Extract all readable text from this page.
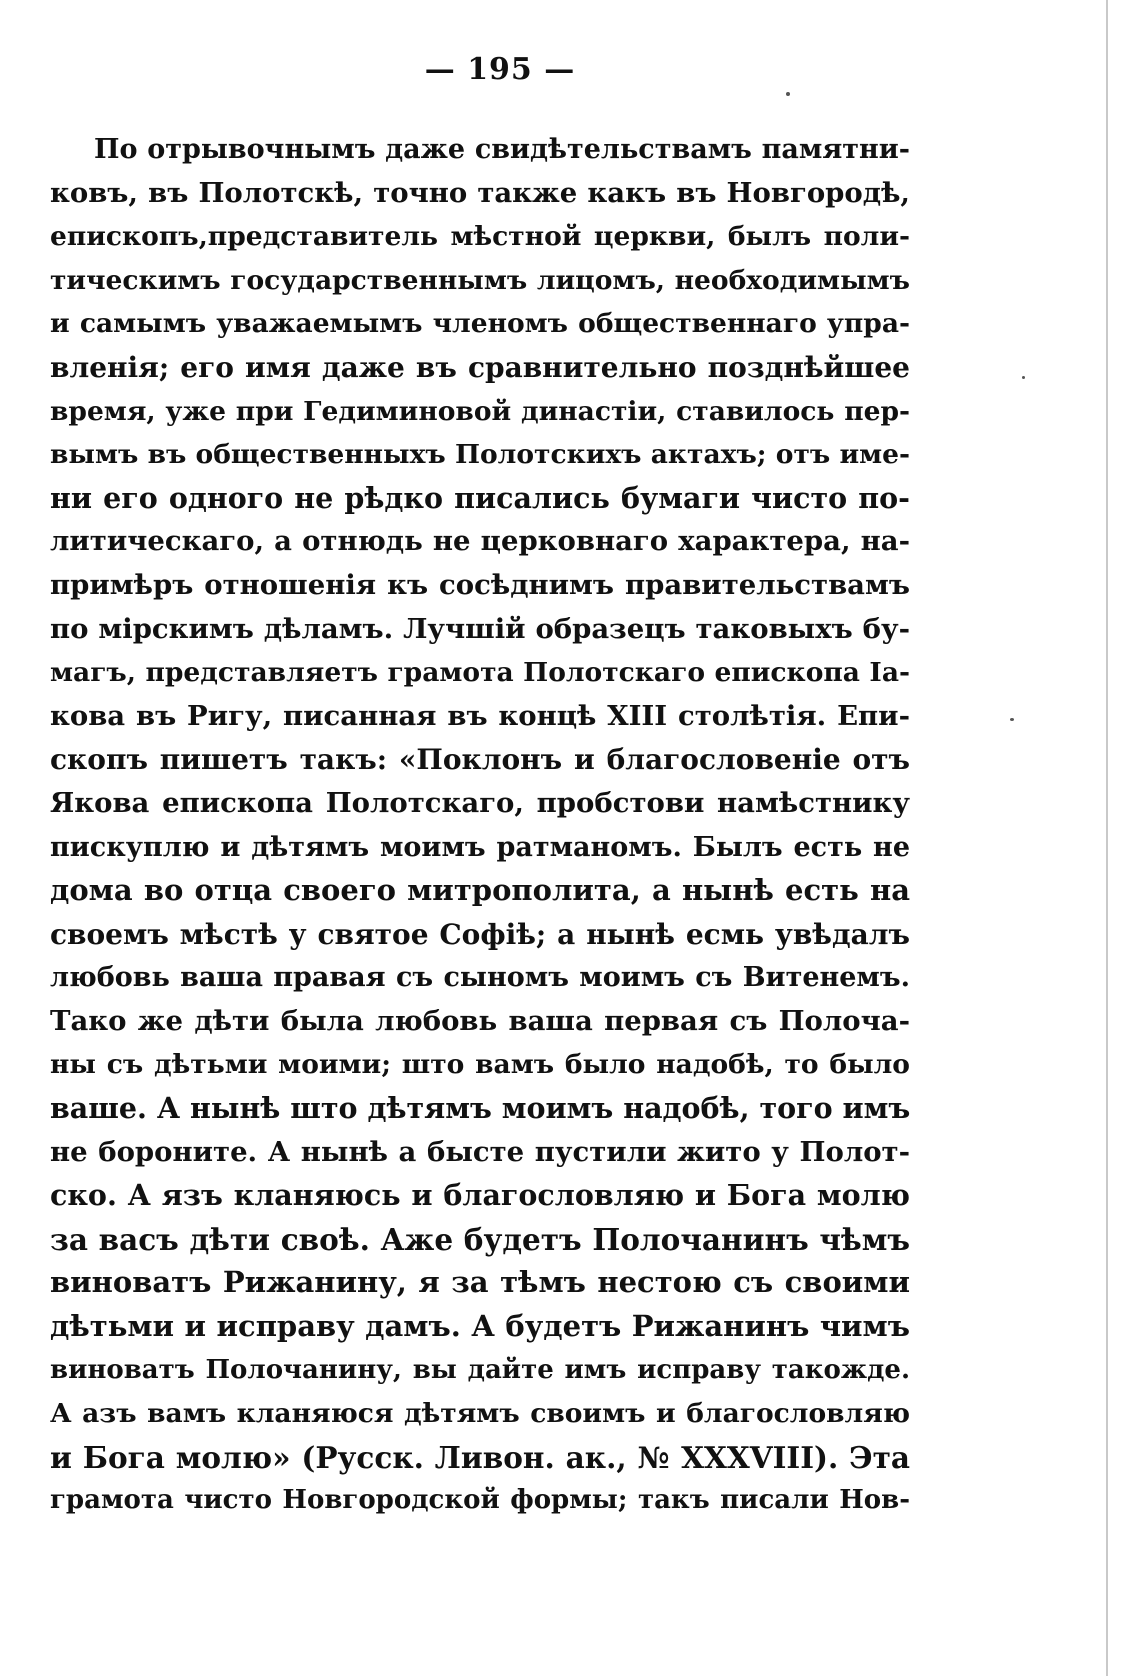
— 195 —
По отрывочнымъ даже свидѣтельствамъ памятни-
ковъ, въ Полотскѣ, точно также какъ въ Новгородѣ,
епископъ,представитель мѣстной церкви, былъ поли-
тическимъ государственнымъ лицомъ, необходимымъ
и самымъ уважаемымъ членомъ общественнаго упра-
вленія; его имя даже въ сравнительно позднѣйшее
время, уже при Гедиминовой династіи, ставилось пер-
вымъ въ общественныхъ Полотскихъ актахъ; отъ име-
ни его одного не рѣдко писались бумаги чисто по-
литическаго, а отнюдь не церковнаго характера, на-
примѣръ отношенія къ сосѣднимъ правительствамъ
по мірскимъ дѣламъ. Лучшій образецъ таковыхъ бу-
магъ, представляетъ грамота Полотскаго епископа Іа-
кова въ Ригу, писанная въ концѣ XIII столѣтія. Епи-
скопъ пишетъ такъ: «Поклонъ и благословеніе отъ
Якова епископа Полотскаго, пробстови намѣстнику
пискуплю и дѣтямъ моимъ ратманомъ. Былъ есть не
дома во отца своего митрополита, а нынѣ есть на
своемъ мѣстѣ у святое Софіѣ; а нынѣ есмь увѣдалъ
любовь ваша правая съ сыномъ моимъ съ Витенемъ.
Тако же дѣти была любовь ваша первая съ Полоча-
ны съ дѣтьми моими; што вамъ было надобѣ, то было
ваше. А нынѣ што дѣтямъ моимъ надобѣ, того имъ
не бороните. А нынѣ а бысте пустили жито у Полот-
ско. А язъ кланяюсь и благословляю и Бога молю
за васъ дѣти своѣ. Аже будетъ Полочанинъ чѣмъ
виноватъ Рижанину, я за тѣмъ нестою съ своими
дѣтьми и исправу дамъ. А будетъ Рижанинъ чимъ
виноватъ Полочанину, вы дайте имъ исправу такожде.
А азъ вамъ кланяюся дѣтямъ своимъ и благословляю
и Бога молю» (Русск. Ливон. ак., № XXXVIII). Эта
грамота чисто Новгородской формы; такъ писали Нов-
